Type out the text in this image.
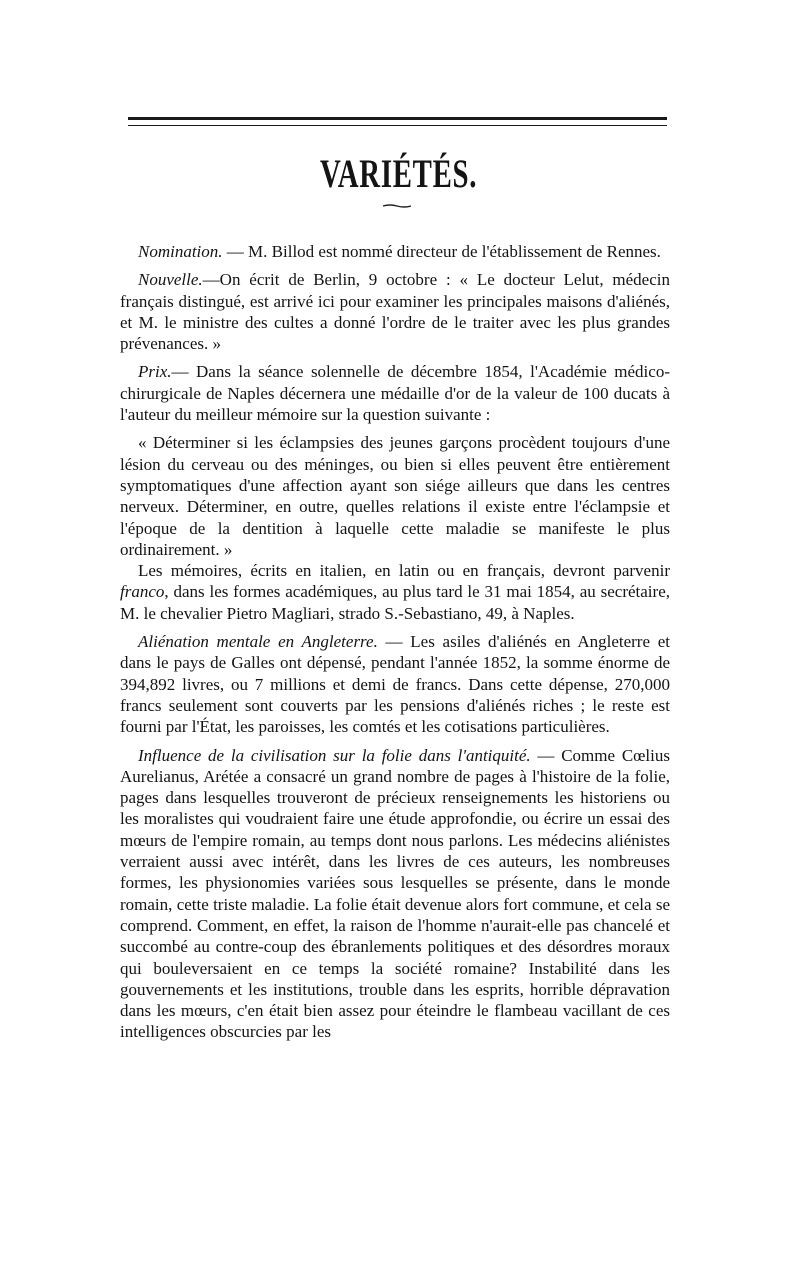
VARIÉTÉS.

Nomination. — M. Billod est nommé directeur de l'établissement de Rennes.

Nouvelle.—On écrit de Berlin, 9 octobre : « Le docteur Lelut, médecin français distingué, est arrivé ici pour examiner les principales maisons d'aliénés, et M. le ministre des cultes a donné l'ordre de le traiter avec les plus grandes prévenances. »

Prix.— Dans la séance solennelle de décembre 1854, l'Académie médico-chirurgicale de Naples décernera une médaille d'or de la valeur de 100 ducats à l'auteur du meilleur mémoire sur la question suivante :

« Déterminer si les éclampsies des jeunes garçons procèdent toujours d'une lésion du cerveau ou des méninges, ou bien si elles peuvent être entièrement symptomatiques d'une affection ayant son siége ailleurs que dans les centres nerveux. Déterminer, en outre, quelles relations il existe entre l'éclampsie et l'époque de la dentition à laquelle cette maladie se manifeste le plus ordinairement. »

Les mémoires, écrits en italien, en latin ou en français, devront parvenir franco, dans les formes académiques, au plus tard le 31 mai 1854, au secrétaire, M. le chevalier Pietro Magliari, strado S.-Sebastiano, 49, à Naples.

Aliénation mentale en Angleterre. — Les asiles d'aliénés en Angleterre et dans le pays de Galles ont dépensé, pendant l'année 1852, la somme énorme de 394,892 livres, ou 7 millions et demi de francs. Dans cette dépense, 270,000 francs seulement sont couverts par les pensions d'aliénés riches ; le reste est fourni par l'État, les paroisses, les comtés et les cotisations particulières.

Influence de la civilisation sur la folie dans l'antiquité. — Comme Cœlius Aurelianus, Arétée a consacré un grand nombre de pages à l'histoire de la folie, pages dans lesquelles trouveront de précieux renseignements les historiens ou les moralistes qui voudraient faire une étude approfondie, ou écrire un essai des mœurs de l'empire romain, au temps dont nous parlons. Les médecins aliénistes verraient aussi avec intérêt, dans les livres de ces auteurs, les nombreuses formes, les physionomies variées sous lesquelles se présente, dans le monde romain, cette triste maladie. La folie était devenue alors fort commune, et cela se comprend. Comment, en effet, la raison de l'homme n'aurait-elle pas chancelé et succombé au contre-coup des ébranlements politiques et des désordres moraux qui bouleversaient en ce temps la société romaine? Instabilité dans les gouvernements et les institutions, trouble dans les esprits, horrible dépravation dans les mœurs, c'en était bien assez pour éteindre le flambeau vacillant de ces intelligences obscurcies par les
